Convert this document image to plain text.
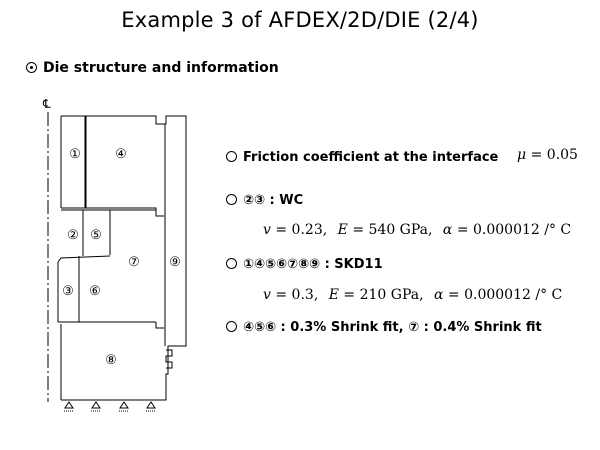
Example 3 of AFDEX/2D/DIE (2/4)
Die structure and information
℄
①	④
② ⑤
⑦ ⑨
③ ⑥
⑧
Friction coefficient at the interface μ = 0.05
②③ : WC
v = 0.23, E = 540 GPa, α = 0.000012 /° C
①④⑤⑥⑦⑧⑨ : SKD11
v = 0.3, E = 210 GPa, α = 0.000012 /° C
④⑤⑥ : 0.3% Shrink fit, ⑦ : 0.4% Shrink fit
